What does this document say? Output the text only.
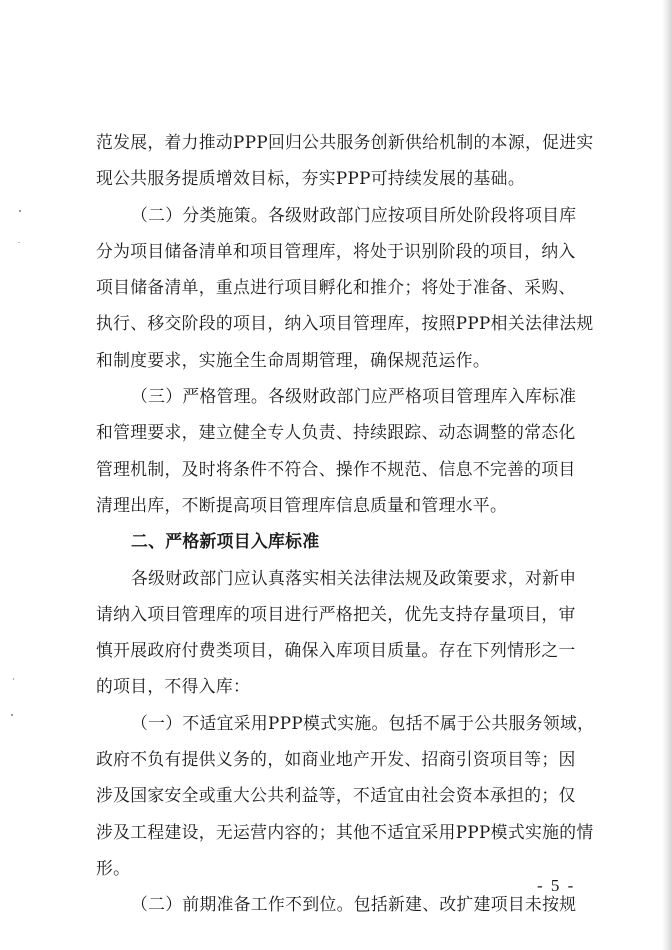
范发展，着力推动PPP回归公共服务创新供给机制的本源，促进实
现公共服务提质增效目标，夯实PPP可持续发展的基础。
（二）分类施策。各级财政部门应按项目所处阶段将项目库
分为项目储备清单和项目管理库，将处于识别阶段的项目，纳入
项目储备清单，重点进行项目孵化和推介；将处于准备、采购、
执行、移交阶段的项目，纳入项目管理库，按照PPP相关法律法规
和制度要求，实施全生命周期管理，确保规范运作。
（三）严格管理。各级财政部门应严格项目管理库入库标准
和管理要求，建立健全专人负责、持续跟踪、动态调整的常态化
管理机制，及时将条件不符合、操作不规范、信息不完善的项目
清理出库，不断提高项目管理库信息质量和管理水平。
二、严格新项目入库标准
各级财政部门应认真落实相关法律法规及政策要求，对新申
请纳入项目管理库的项目进行严格把关，优先支持存量项目，审
慎开展政府付费类项目，确保入库项目质量。存在下列情形之一
的项目，不得入库：
（一）不适宜采用PPP模式实施。包括不属于公共服务领域，
政府不负有提供义务的，如商业地产开发、招商引资项目等；因
涉及国家安全或重大公共利益等，不适宜由社会资本承担的；仅
涉及工程建设，无运营内容的；其他不适宜采用PPP模式实施的情
形。
（二）前期准备工作不到位。包括新建、改扩建项目未按规
- 5 -
